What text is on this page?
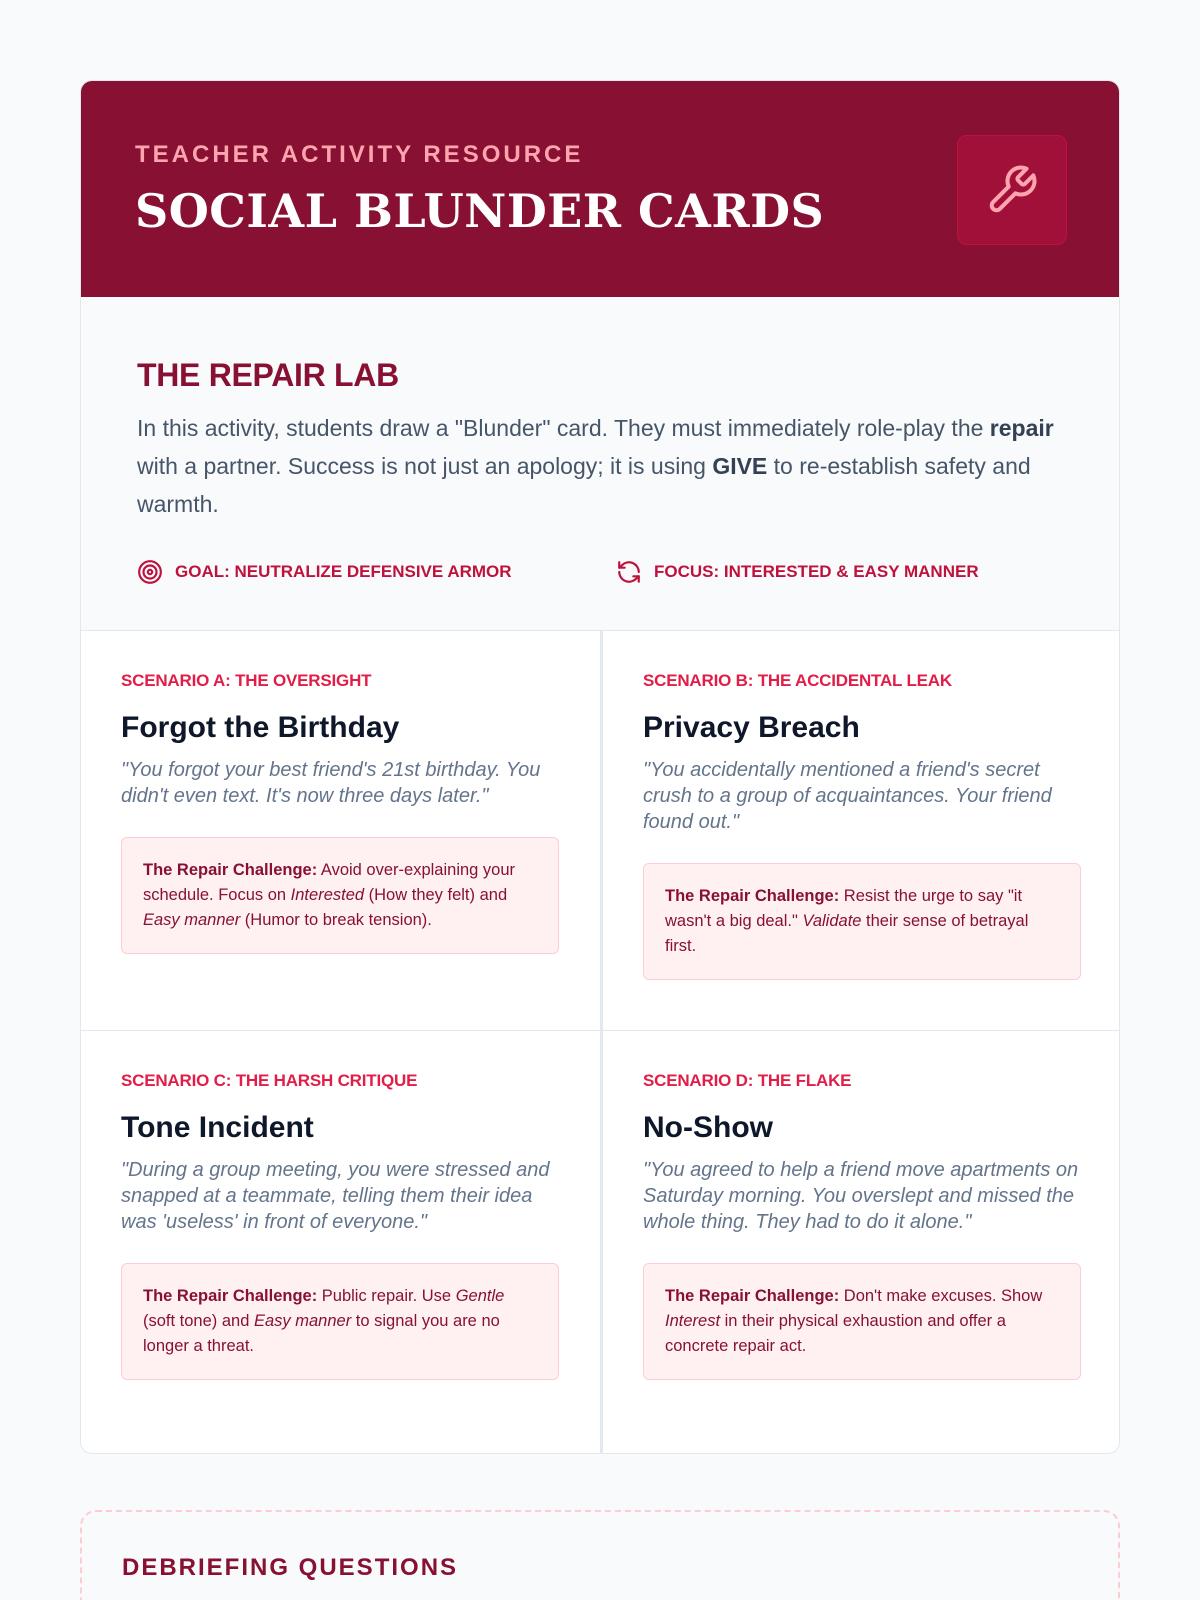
TEACHER ACTIVITY RESOURCE
SOCIAL BLUNDER CARDS
THE REPAIR LAB

In this activity, students draw a "Blunder" card. They must immediately role-play the repair with a partner. Success is not just an apology; it is using GIVE to re-establish safety and warmth.

GOAL: NEUTRALIZE DEFENSIVE ARMOR	FOCUS: INTERESTED & EASY MANNER
SCENARIO A: THE OVERSIGHT
Forgot the Birthday
"You forgot your best friend's 21st birthday. You didn't even text. It's now three days later."
The Repair Challenge: Avoid over-explaining your schedule. Focus on Interested (How they felt) and Easy manner (Humor to break tension).
SCENARIO B: THE ACCIDENTAL LEAK
Privacy Breach
"You accidentally mentioned a friend's secret crush to a group of acquaintances. Your friend found out."
The Repair Challenge: Resist the urge to say "it wasn't a big deal." Validate their sense of betrayal first.
SCENARIO C: THE HARSH CRITIQUE
Tone Incident
"During a group meeting, you were stressed and snapped at a teammate, telling them their idea was 'useless' in front of everyone."
The Repair Challenge: Public repair. Use Gentle (soft tone) and Easy manner to signal you are no longer a threat.
SCENARIO D: THE FLAKE
No-Show
"You agreed to help a friend move apartments on Saturday morning. You overslept and missed the whole thing. They had to do it alone."
The Repair Challenge: Don't make excuses. Show Interest in their physical exhaustion and offer a concrete repair act.
DEBRIEFING QUESTIONS
